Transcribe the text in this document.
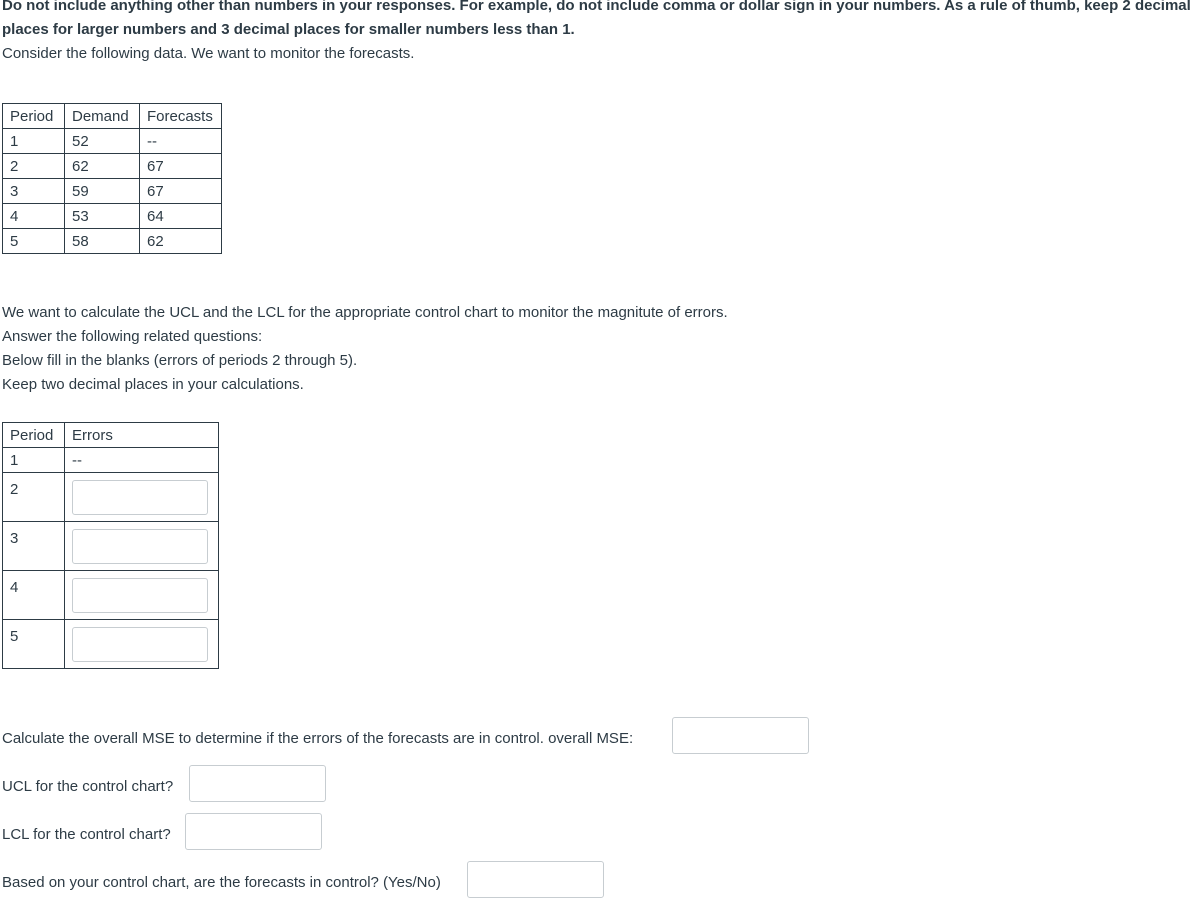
Do not include anything other than numbers in your responses. For example, do not include comma or dollar sign in your numbers. As a rule of thumb, keep 2 decimal
places for larger numbers and 3 decimal places for smaller numbers less than 1.
Consider the following data. We want to monitor the forecasts.
Period	Demand	Forecasts
1	52	--
2	62	67
3	59	67
4	53	64
5	58	62
We want to calculate the UCL and the LCL for the appropriate control chart to monitor the magnitute of errors.
Answer the following related questions:
Below fill in the blanks (errors of periods 2 through 5).
Keep two decimal places in your calculations.
Period	Errors
1	--
2	

3	

4	

5	
Calculate the overall MSE to determine if the errors of the forecasts are in control. overall MSE:
UCL for the control chart?
LCL for the control chart?
Based on your control chart, are the forecasts in control? (Yes/No)
